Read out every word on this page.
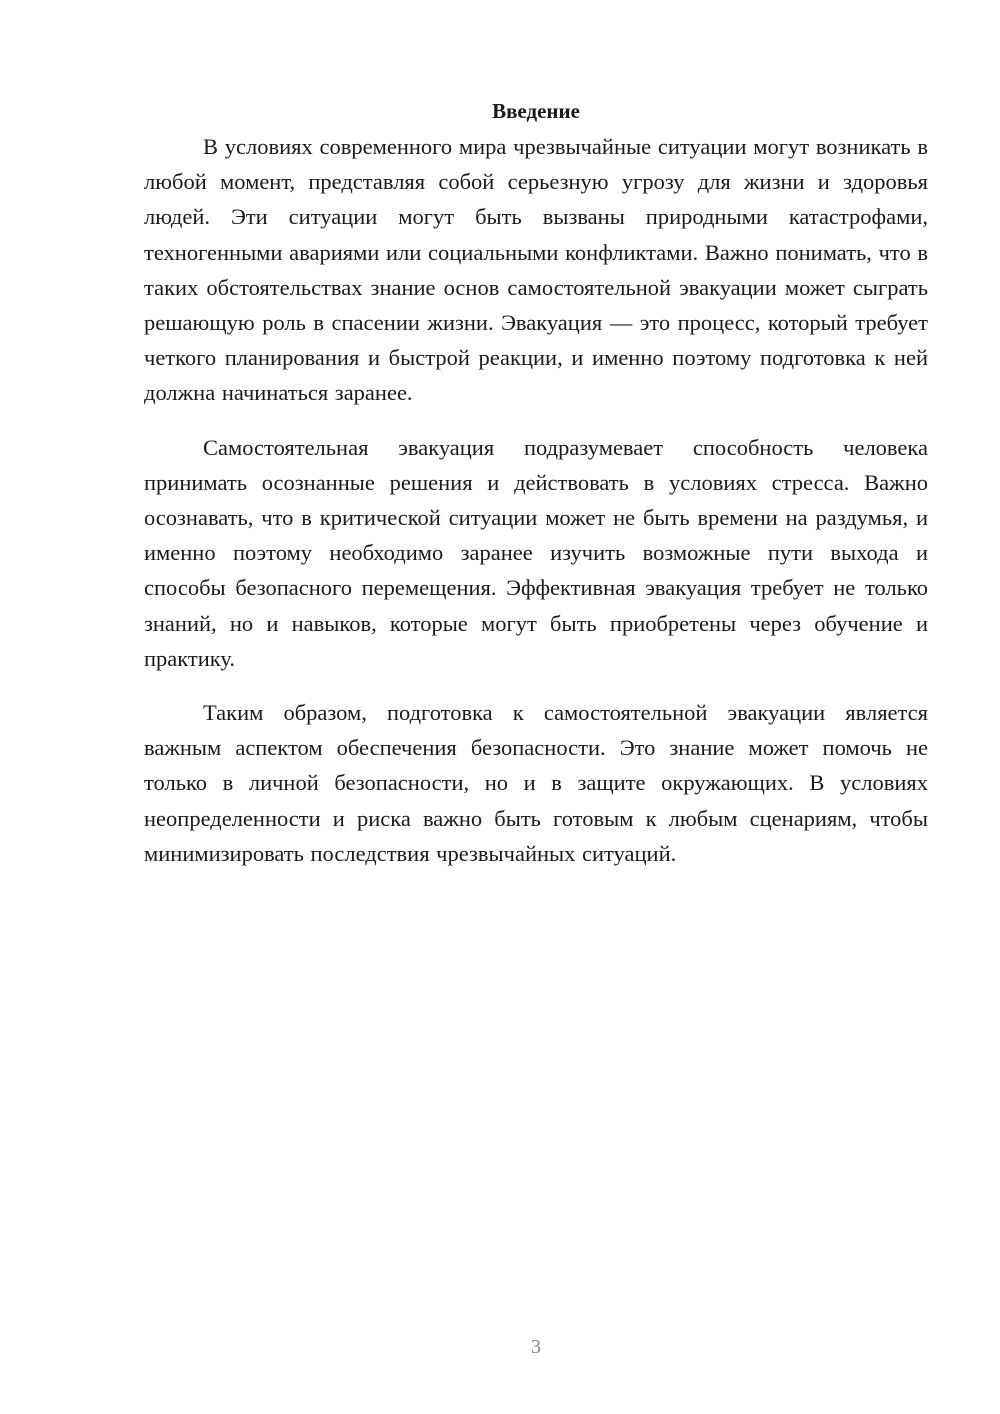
Введение

В условиях современного мира чрезвычайные ситуации могут возникать в любой момент, представляя собой серьезную угрозу для жизни и здоровья людей. Эти ситуации могут быть вызваны природными катастрофами, техногенными авариями или социальными конфликтами. Важно понимать, что в таких обстоятельствах знание основ самостоятельной эвакуации может сыграть решающую роль в спасении жизни. Эвакуация — это процесс, который требует четкого планирования и быстрой реакции, и именно поэтому подготовка к ней должна начинаться заранее.

Самостоятельная эвакуация подразумевает способность человека принимать осознанные решения и действовать в условиях стресса. Важно осознавать, что в критической ситуации может не быть времени на раздумья, и именно поэтому необходимо заранее изучить возможные пути выхода и способы безопасного перемещения. Эффективная эвакуация требует не только знаний, но и навыков, которые могут быть приобретены через обучение и практику.

Таким образом, подготовка к самостоятельной эвакуации является важным аспектом обеспечения безопасности. Это знание может помочь не только в личной безопасности, но и в защите окружающих. В условиях неопределенности и риска важно быть готовым к любым сценариям, чтобы минимизировать последствия чрезвычайных ситуаций.

3
